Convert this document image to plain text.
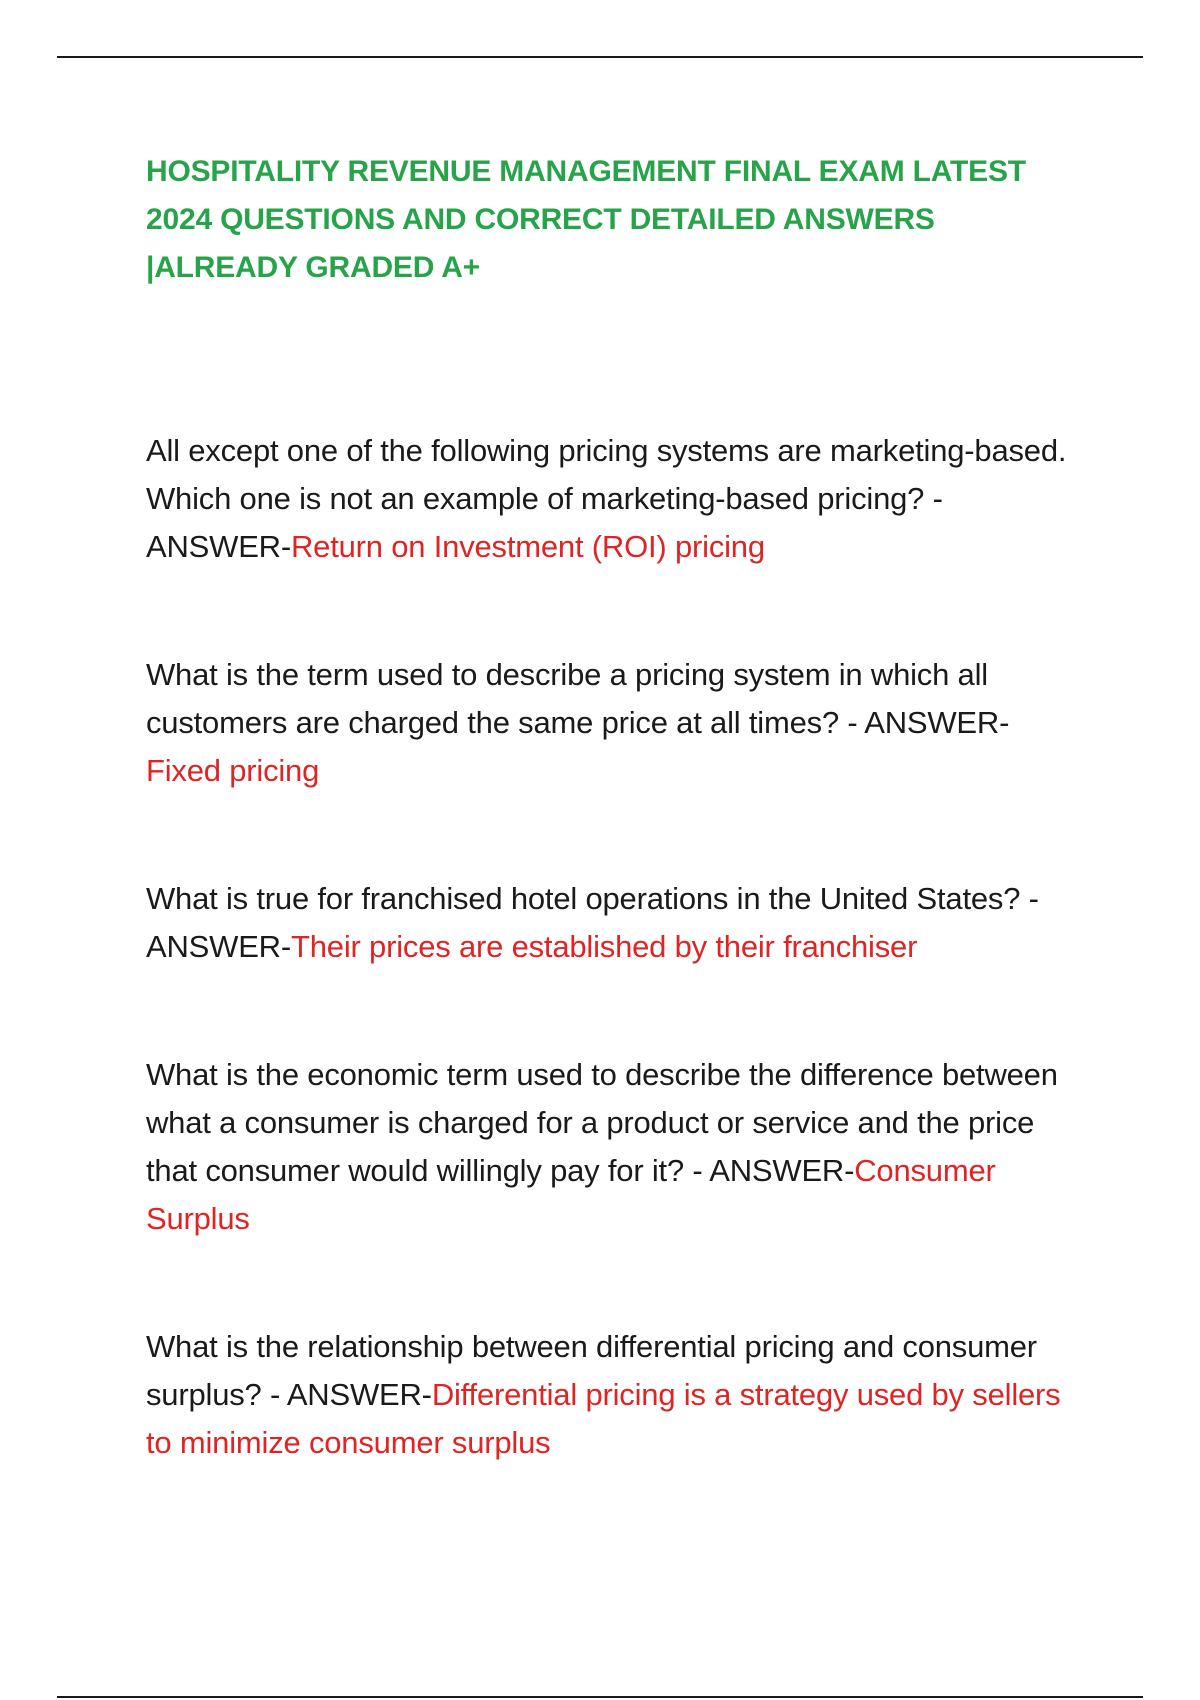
HOSPITALITY REVENUE MANAGEMENT FINAL EXAM LATEST 2024 QUESTIONS AND CORRECT DETAILED ANSWERS |ALREADY GRADED A+

All except one of the following pricing systems are marketing-based. Which one is not an example of marketing-based pricing? - ANSWER-Return on Investment (ROI) pricing

What is the term used to describe a pricing system in which all customers are charged the same price at all times? - ANSWER-Fixed pricing

What is true for franchised hotel operations in the United States? - ANSWER-Their prices are established by their franchiser

What is the economic term used to describe the difference between what a consumer is charged for a product or service and the price that consumer would willingly pay for it? - ANSWER-Consumer Surplus

What is the relationship between differential pricing and consumer surplus? - ANSWER-Differential pricing is a strategy used by sellers to minimize consumer surplus
